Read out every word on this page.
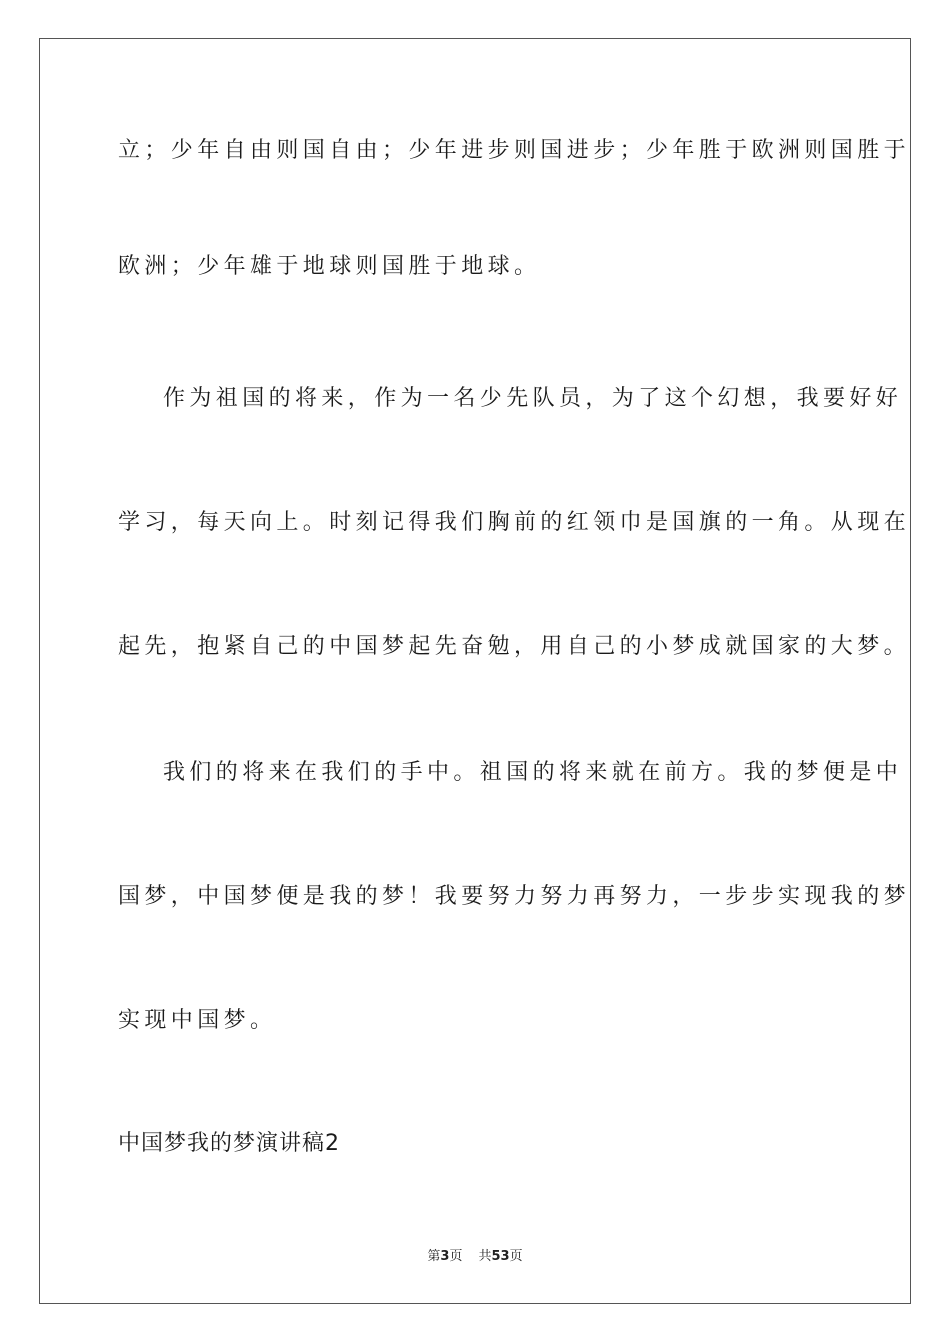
立；少年自由则国自由；少年进步则国进步；少年胜于欧洲则国胜于
欧洲；少年雄于地球则国胜于地球。
作为祖国的将来，作为一名少先队员，为了这个幻想，我要好好
学习，每天向上。时刻记得我们胸前的红领巾是国旗的一角。从现在
起先，抱紧自己的中国梦起先奋勉，用自己的小梦成就国家的大梦。
我们的将来在我们的手中。祖国的将来就在前方。我的梦便是中
国梦，中国梦便是我的梦！我要努力努力再努力，一步步实现我的梦
实现中国梦。
中国梦我的梦演讲稿2
第3页 共53页
